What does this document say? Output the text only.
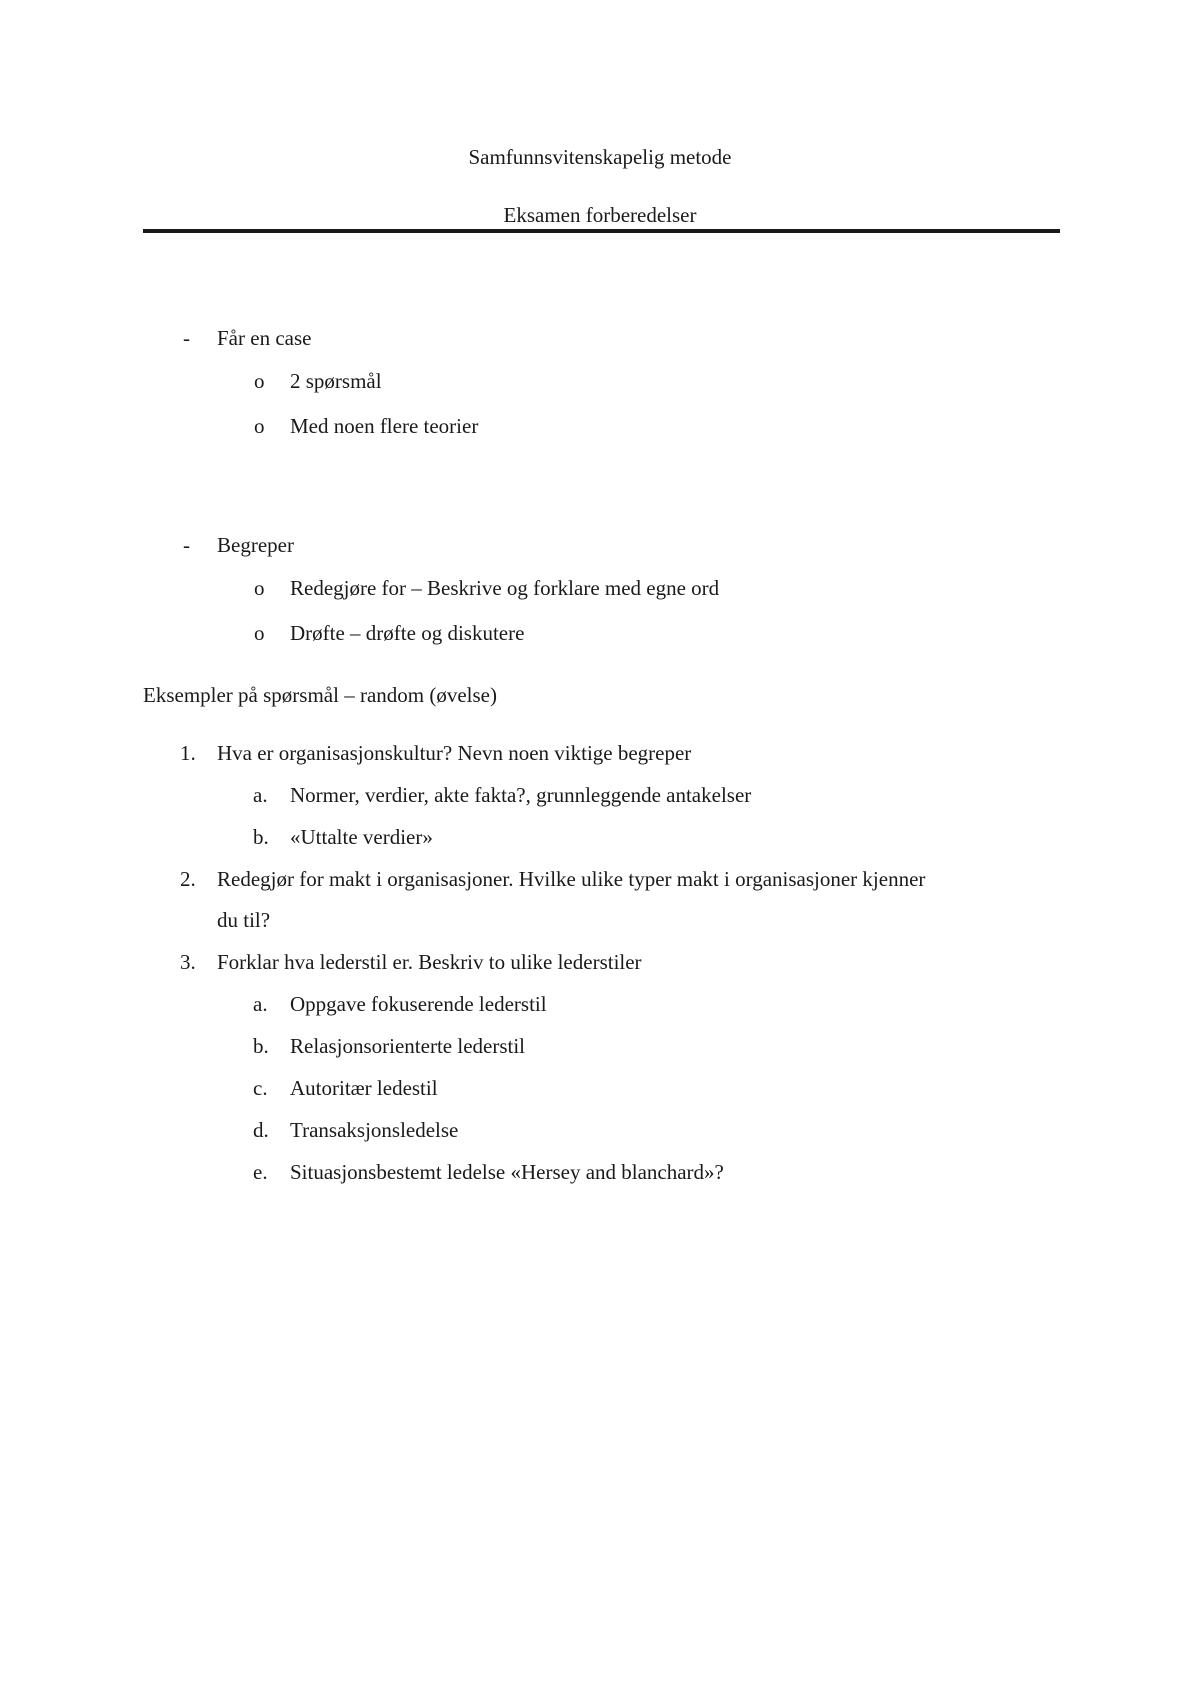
Samfunnsvitenskapelig metode
Eksamen forberedelser
- Får en case
o 2 spørsmål
o Med noen flere teorier
- Begreper
o Redegjøre for – Beskrive og forklare med egne ord
o Drøfte – drøfte og diskutere
Eksempler på spørsmål – random (øvelse)
1. Hva er organisasjonskultur? Nevn noen viktige begreper
a. Normer, verdier, akte fakta?, grunnleggende antakelser
b. «Uttalte verdier»
2. Redegjør for makt i organisasjoner. Hvilke ulike typer makt i organisasjoner kjenner
du til?
3. Forklar hva lederstil er. Beskriv to ulike lederstiler
a. Oppgave fokuserende lederstil
b. Relasjonsorienterte lederstil
c. Autoritær ledestil
d. Transaksjonsledelse
e. Situasjonsbestemt ledelse «Hersey and blanchard»?
